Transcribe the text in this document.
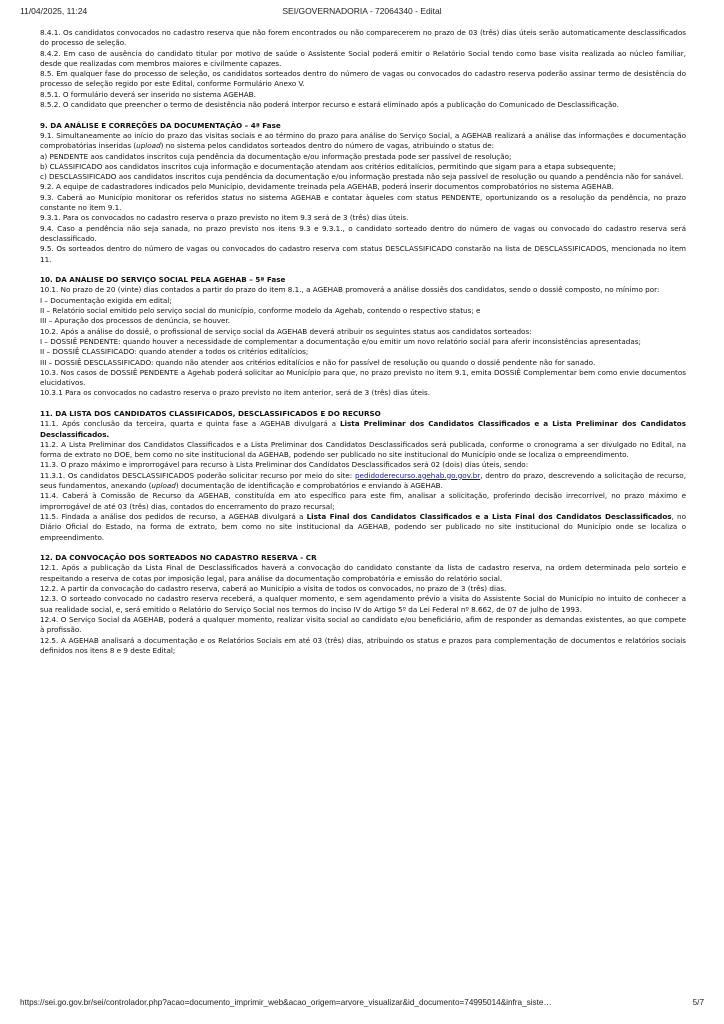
11/04/2025, 11:24	SEI/GOVERNADORIA - 72064340 - Edital

8.4.1. Os candidatos convocados no cadastro reserva que não forem encontrados ou não comparecerem no prazo de 03 (três) dias úteis serão automaticamente desclassificados do processo de seleção.

8.4.2. Em caso de ausência do candidato titular por motivo de saúde o Assistente Social poderá emitir o Relatório Social tendo como base visita realizada ao núcleo familiar, desde que realizadas com membros maiores e civilmente capazes.

8.5. Em qualquer fase do processo de seleção, os candidatos sorteados dentro do número de vagas ou convocados do cadastro reserva poderão assinar termo de desistência do processo de seleção regido por este Edital, conforme Formulário Anexo V.

8.5.1. O formulário deverá ser inserido no sistema AGEHAB.

8.5.2. O candidato que preencher o termo de desistência não poderá interpor recurso e estará eliminado após a publicação do Comunicado de Desclassificação.

9. DA ANÁLISE E CORREÇÕES DA DOCUMENTAÇÃO – 4ª Fase

9.1. Simultaneamente ao início do prazo das visitas sociais e ao término do prazo para análise do Serviço Social, a AGEHAB realizará a análise das informações e documentação comprobatórias inseridas (upload) no sistema pelos candidatos sorteados dentro do número de vagas, atribuindo o status de:

a) PENDENTE aos candidatos inscritos cuja pendência da documentação e/ou informação prestada pode ser passível de resolução;

b) CLASSIFICADO aos candidatos inscritos cuja informação e documentação atendam aos critérios editalícios, permitindo que sigam para a etapa subsequente;

c) DESCLASSIFICADO aos candidatos inscritos cuja pendência da documentação e/ou informação prestada não seja passível de resolução ou quando a pendência não for sanável.

9.2. A equipe de cadastradores indicados pelo Município, devidamente treinada pela AGEHAB, poderá inserir documentos comprobatórios no sistema AGEHAB.

9.3. Caberá ao Município monitorar os referidos status no sistema AGEHAB e contatar àqueles com status PENDENTE, oportunizando os a resolução da pendência, no prazo constante no item 9.1.

9.3.1. Para os convocados no cadastro reserva o prazo previsto no item 9.3 será de 3 (três) dias úteis.

9.4. Caso a pendência não seja sanada, no prazo previsto nos itens 9.3 e 9.3.1., o candidato sorteado dentro do número de vagas ou convocado do cadastro reserva será desclassificado.

9.5. Os sorteados dentro do número de vagas ou convocados do cadastro reserva com status DESCLASSIFICADO constarão na lista de DESCLASSIFICADOS, mencionada no item 11.

10. DA ANÁLISE DO SERVIÇO SOCIAL PELA AGEHAB – 5ª Fase

10.1. No prazo de 20 (vinte) dias contados a partir do prazo do item 8.1., a AGEHAB promoverá a análise dossiês dos candidatos, sendo o dossiê composto, no mínimo por:

I – Documentação exigida em edital;

II – Relatório social emitido pelo serviço social do município, conforme modelo da Agehab, contendo o respectivo status; e

III – Apuração dos processos de denúncia, se houver.

10.2. Após a análise do dossiê, o profissional de serviço social da AGEHAB deverá atribuir os seguintes status aos candidatos sorteados:

I – DOSSIÊ PENDENTE: quando houver a necessidade de complementar a documentação e/ou emitir um novo relatório social para aferir inconsistências apresentadas;

II – DOSSIÊ CLASSIFICADO: quando atender a todos os critérios editalícios;

III – DOSSIÊ DESCLASSIFICADO: quando não atender aos critérios editalícios e não for passível de resolução ou quando o dossiê pendente não for sanado.

10.3. Nos casos de DOSSIÊ PENDENTE a Agehab poderá solicitar ao Município para que, no prazo previsto no item 9.1, emita DOSSIÊ Complementar bem como envie documentos elucidativos.

10.3.1 Para os convocados no cadastro reserva o prazo previsto no item anterior, será de 3 (três) dias úteis.

11. DA LISTA DOS CANDIDATOS CLASSIFICADOS, DESCLASSIFICADOS E DO RECURSO

11.1. Após conclusão da terceira, quarta e quinta fase a AGEHAB divulgará a Lista Preliminar dos Candidatos Classificados e a Lista Preliminar dos Candidatos Desclassificados.

11.2. A Lista Preliminar dos Candidatos Classificados e a Lista Preliminar dos Candidatos Desclassificados será publicada, conforme o cronograma a ser divulgado no Edital, na forma de extrato no DOE, bem como no site institucional da AGEHAB, podendo ser publicado no site institucional do Município onde se localiza o empreendimento.

11.3. O prazo máximo e improrrogável para recurso à Lista Preliminar dos Candidatos Desclassificados será 02 (dois) dias úteis, sendo:

11.3.1. Os candidatos DESCLASSIFICADOS poderão solicitar recurso por meio do site: pedidoderecurso.agehab.go.gov.br, dentro do prazo, descrevendo a solicitação de recurso, seus fundamentos, anexando (upload) documentação de identificação e comprobatórios e enviando à AGEHAB.

11.4. Caberá à Comissão de Recurso da AGEHAB, constituída em ato específico para este fim, analisar a solicitação, proferindo decisão irrecorrível, no prazo máximo e improrrogável de até 03 (três) dias, contados do encerramento do prazo recursal;

11.5. Findada a análise dos pedidos de recurso, a AGEHAB divulgará a Lista Final dos Candidatos Classificados e a Lista Final dos Candidatos Desclassificados, no Diário Oficial do Estado, na forma de extrato, bem como no site institucional da AGEHAB, podendo ser publicado no site institucional do Município onde se localiza o empreendimento.

12. DA CONVOCAÇÃO DOS SORTEADOS NO CADASTRO RESERVA - CR

12.1. Após a publicação da Lista Final de Desclassificados haverá a convocação do candidato constante da lista de cadastro reserva, na ordem determinada pelo sorteio e respeitando a reserva de cotas por imposição legal, para análise da documentação comprobatória e emissão do relatório social.

12.2. A partir da convocação do cadastro reserva, caberá ao Município a visita de todos os convocados, no prazo de 3 (três) dias.

12.3. O sorteado convocado no cadastro reserva receberá, a qualquer momento, e sem agendamento prévio a visita do Assistente Social do Município no intuito de conhecer a sua realidade social, e, será emitido o Relatório do Serviço Social nos termos do inciso IV do Artigo 5º da Lei Federal nº 8.662, de 07 de julho de 1993.

12.4. O Serviço Social da AGEHAB, poderá a qualquer momento, realizar visita social ao candidato e/ou beneficiário, afim de responder as demandas existentes, ao que compete à profissão.

12.5. A AGEHAB analisará a documentação e os Relatórios Sociais em até 03 (três) dias, atribuindo os status e prazos para complementação de documentos e relatórios sociais definidos nos itens 8 e 9 deste Edital;

https://sei.go.gov.br/sei/controlador.php?acao=documento_imprimir_web&acao_origem=arvore_visualizar&id_documento=74995014&infra_siste…	5/7
